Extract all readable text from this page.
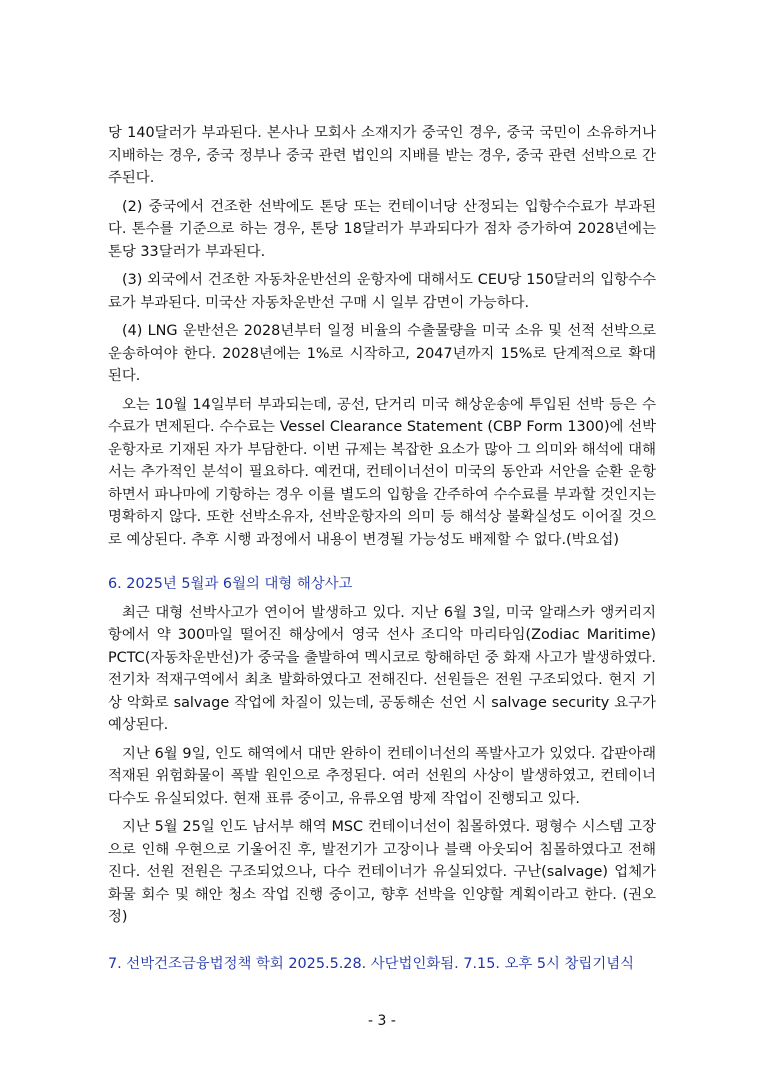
당 140달러가 부과된다. 본사나 모회사 소재지가 중국인 경우, 중국 국민이 소유하거나 지배하는 경우, 중국 정부나 중국 관련 법인의 지배를 받는 경우, 중국 관련 선박으로 간주된다.

(2) 중국에서 건조한 선박에도 톤당 또는 컨테이너당 산정되는 입항수수료가 부과된다. 톤수를 기준으로 하는 경우, 톤당 18달러가 부과되다가 점차 증가하여 2028년에는 톤당 33달러가 부과된다.

(3) 외국에서 건조한 자동차운반선의 운항자에 대해서도 CEU당 150달러의 입항수수료가 부과된다. 미국산 자동차운반선 구매 시 일부 감면이 가능하다.

(4) LNG 운반선은 2028년부터 일정 비율의 수출물량을 미국 소유 및 선적 선박으로 운송하여야 한다. 2028년에는 1%로 시작하고, 2047년까지 15%로 단계적으로 확대된다.

오는 10월 14일부터 부과되는데, 공선, 단거리 미국 해상운송에 투입된 선박 등은 수수료가 면제된다. 수수료는 Vessel Clearance Statement (CBP Form 1300)에 선박운항자로 기재된 자가 부담한다. 이번 규제는 복잡한 요소가 많아 그 의미와 해석에 대해서는 추가적인 분석이 필요하다. 예컨대, 컨테이너선이 미국의 동안과 서안을 순환 운항하면서 파나마에 기항하는 경우 이를 별도의 입항을 간주하여 수수료를 부과할 것인지는 명확하지 않다. 또한 선박소유자, 선박운항자의 의미 등 해석상 불확실성도 이어질 것으로 예상된다. 추후 시행 과정에서 내용이 변경될 가능성도 배제할 수 없다.(박요섭)

6. 2025년 5월과 6월의 대형 해상사고

최근 대형 선박사고가 연이어 발생하고 있다. 지난 6월 3일, 미국 알래스카 앵커리지항에서 약 300마일 떨어진 해상에서 영국 선사 조디악 마리타임(Zodiac Maritime) PCTC(자동차운반선)가 중국을 출발하여 멕시코로 항해하던 중 화재 사고가 발생하였다. 전기차 적재구역에서 최초 발화하였다고 전해진다. 선원들은 전원 구조되었다. 현지 기상 악화로 salvage 작업에 차질이 있는데, 공동해손 선언 시 salvage security 요구가 예상된다.

지난 6월 9일, 인도 해역에서 대만 완하이 컨테이너선의 폭발사고가 있었다. 갑판아래 적재된 위험화물이 폭발 원인으로 추정된다. 여러 선원의 사상이 발생하였고, 컨테이너 다수도 유실되었다. 현재 표류 중이고, 유류오염 방제 작업이 진행되고 있다.

지난 5월 25일 인도 남서부 해역 MSC 컨테이너선이 침몰하였다. 평형수 시스템 고장으로 인해 우현으로 기울어진 후, 발전기가 고장이나 블랙 아웃되어 침몰하였다고 전해진다. 선원 전원은 구조되었으나, 다수 컨테이너가 유실되었다. 구난(salvage) 업체가 화물 회수 및 해안 청소 작업 진행 중이고, 향후 선박을 인양할 계획이라고 한다. (권오정)

7. 선박건조금융법정책 학회 2025.5.28. 사단법인화됨. 7.15. 오후 5시 창립기념식
- 3 -
